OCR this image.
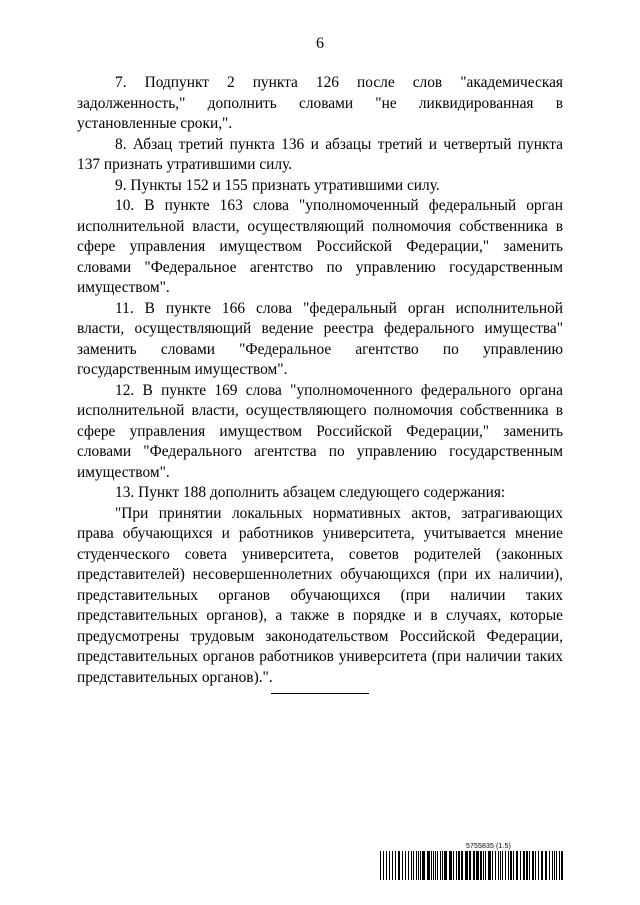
6

7. Подпункт 2 пункта 126 после слов "академическая задолженность," дополнить словами "не ликвидированная в установленные сроки,".

8. Абзац третий пункта 136 и абзацы третий и четвертый пункта 137 признать утратившими силу.

9. Пункты 152 и 155 признать утратившими силу.

10. В пункте 163 слова "уполномоченный федеральный орган исполнительной власти, осуществляющий полномочия собственника в сфере управления имуществом Российской Федерации," заменить словами "Федеральное агентство по управлению государственным имуществом".

11. В пункте 166 слова "федеральный орган исполнительной власти, осуществляющий ведение реестра федерального имущества" заменить словами "Федеральное агентство по управлению государственным имуществом".

12. В пункте 169 слова "уполномоченного федерального органа исполнительной власти, осуществляющего полномочия собственника в сфере управления имуществом Российской Федерации," заменить словами "Федерального агентства по управлению государственным имуществом".

13. Пункт 188 дополнить абзацем следующего содержания:

"При принятии локальных нормативных актов, затрагивающих права обучающихся и работников университета, учитывается мнение студенческого совета университета, советов родителей (законных представителей) несовершеннолетних обучающихся (при их наличии), представительных органов обучающихся (при наличии таких представительных органов), а также в порядке и в случаях, которые предусмотрены трудовым законодательством Российской Федерации, представительных органов работников университета (при наличии таких представительных органов).".

5755835 (1.5)
